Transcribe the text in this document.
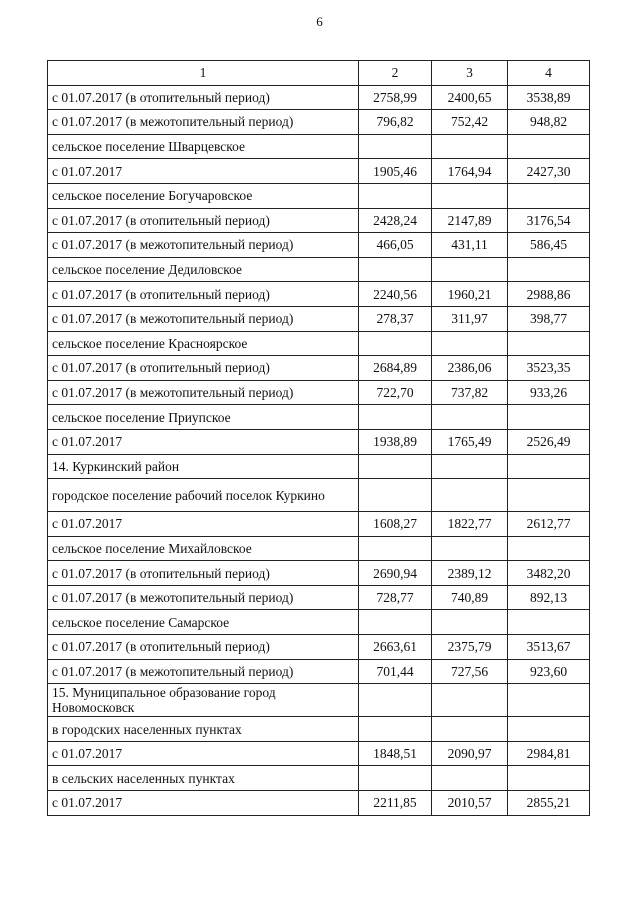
6
1	2	3	4
с 01.07.2017 (в отопительный период)	2758,99	2400,65	3538,89
с 01.07.2017 (в межотопительный период)	796,82	752,42	948,82
сельское поселение Шварцевское			
с 01.07.2017	1905,46	1764,94	2427,30
сельское поселение Богучаровское			
с 01.07.2017 (в отопительный период)	2428,24	2147,89	3176,54
с 01.07.2017 (в межотопительный период)	466,05	431,11	586,45
сельское поселение Дедиловское			
с 01.07.2017 (в отопительный период)	2240,56	1960,21	2988,86
с 01.07.2017 (в межотопительный период)	278,37	311,97	398,77
сельское поселение Красноярское			
с 01.07.2017 (в отопительный период)	2684,89	2386,06	3523,35
с 01.07.2017 (в межотопительный период)	722,70	737,82	933,26
сельское поселение Приупское			
с 01.07.2017	1938,89	1765,49	2526,49
14. Куркинский район			
городское поселение рабочий поселок Куркино			
с 01.07.2017	1608,27	1822,77	2612,77
сельское поселение Михайловское			
с 01.07.2017 (в отопительный период)	2690,94	2389,12	3482,20
с 01.07.2017 (в межотопительный период)	728,77	740,89	892,13
сельское поселение Самарское			
с 01.07.2017 (в отопительный период)	2663,61	2375,79	3513,67
с 01.07.2017 (в межотопительный период)	701,44	727,56	923,60
15. Муниципальное образование город Новомосковск			
в городских населенных пунктах			
с 01.07.2017	1848,51	2090,97	2984,81
в сельских населенных пунктах			
с 01.07.2017	2211,85	2010,57	2855,21
